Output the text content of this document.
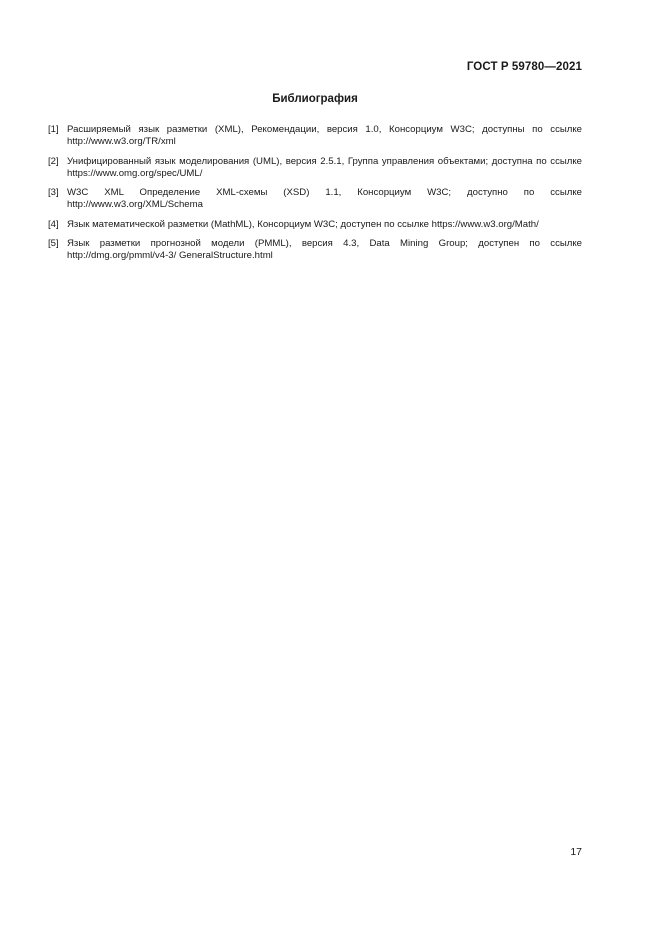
ГОСТ Р 59780—2021
Библиография
[1] Расширяемый язык разметки (XML), Рекомендации, версия 1.0, Консорциум W3C; доступны по ссылке http://www.w3.org/TR/xml
[2] Унифицированный язык моделирования (UML), версия 2.5.1, Группа управления объектами; доступна по ссылке https://www.omg.org/spec/UML/
[3] W3C XML Определение XML-схемы (XSD) 1.1, Консорциум W3C; доступно по ссылке http://www.w3.org/XML/Schema
[4] Язык математической разметки (MathML), Консорциум W3C; доступен по ссылке https://www.w3.org/Math/
[5] Язык разметки прогнозной модели (PMML), версия 4.3, Data Mining Group; доступен по ссылке http://dmg.org/pmml/v4-3/ GeneralStructure.html
17
